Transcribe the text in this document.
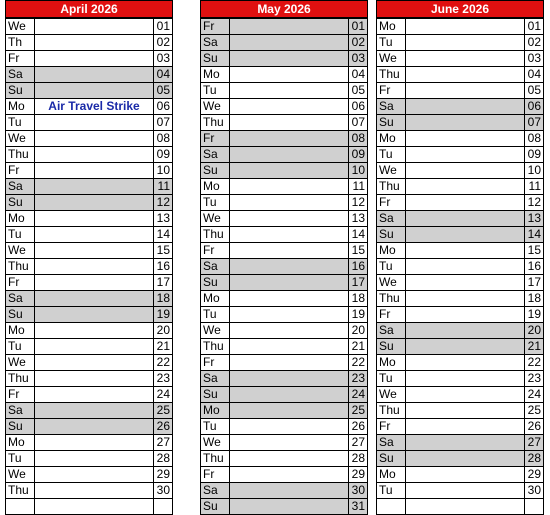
April 2026
We		01
Th		02
Fr		03
Sa		04
Su		05
Mo	Air Travel Strike	06
Tu		07
We		08
Thu		09
Fr		10
Sa		11
Su		12
Mo		13
Tu		14
We		15
Thu		16
Fr		17
Sa		18
Su		19
Mo		20
Tu		21
We		22
Thu		23
Fr		24
Sa		25
Su		26
Mo		27
Tu		28
We		29
Thu		30

May 2026
Fr		01
Sa		02
Su		03
Mo		04
Tu		05
We		06
Thu		07
Fr		08
Sa		09
Su		10
Mo		11
Tu		12
We		13
Thu		14
Fr		15
Sa		16
Su		17
Mo		18
Tu		19
We		20
Thu		21
Fr		22
Sa		23
Su		24
Mo		25
Tu		26
We		27
Thu		28
Fr		29
Sa		30
Su		31
June 2026
Mo		01
Tu		02
We		03
Thu		04
Fr		05
Sa		06
Su		07
Mo		08
Tu		09
We		10
Thu		11
Fr		12
Sa		13
Su		14
Mo		15
Tu		16
We		17
Thu		18
Fr		19
Sa		20
Su		21
Mo		22
Tu		23
We		24
Thu		25
Fr		26
Sa		27
Su		28
Mo		29
Tu		30
